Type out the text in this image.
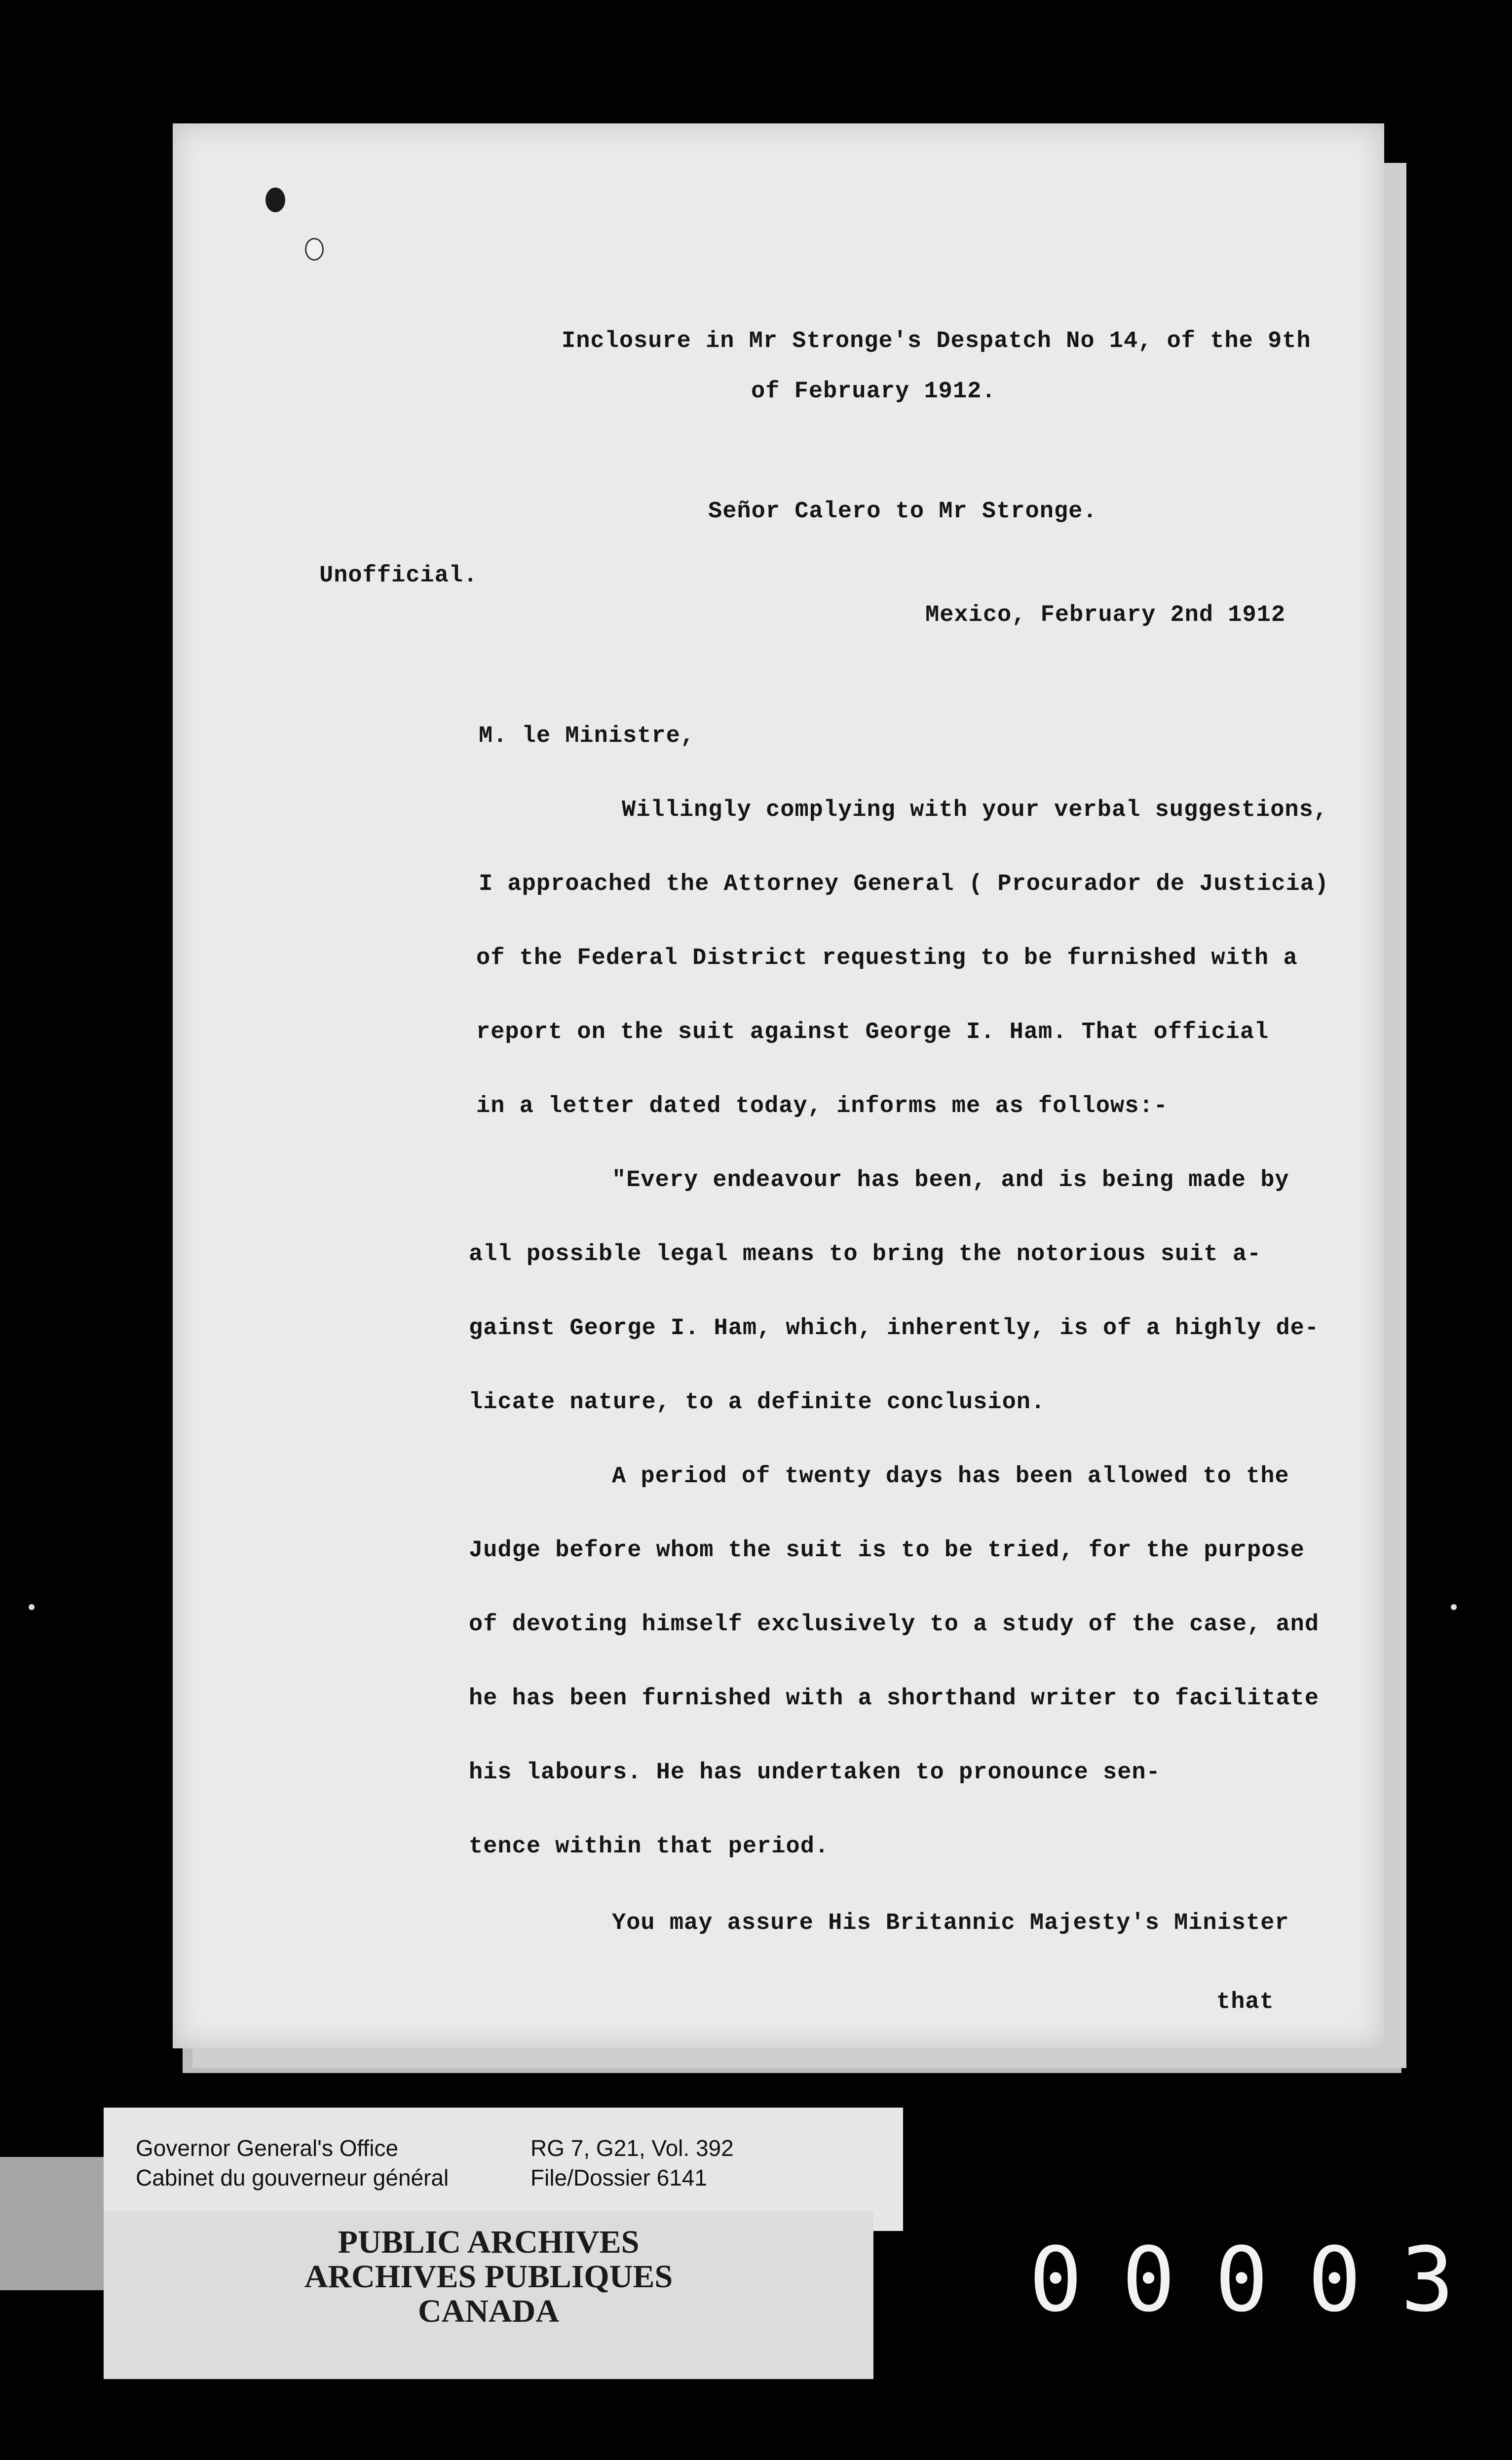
Inclosure in Mr Stronge's Despatch No 14, of the 9th
of February 1912.
Señor Calero to Mr Stronge.
Unofficial.
Mexico, February 2nd 1912
M. le Ministre,
Willingly complying with your verbal suggestions,
I approached the Attorney General ( Procurador de Justicia)
of the Federal District requesting to be furnished with a
report on the suit against George I. Ham. That official
in a letter dated today, informs me as follows:-
"Every endeavour has been, and is being made by
all possible legal means to bring the notorious suit a-
gainst George I. Ham, which, inherently, is of a highly de-
licate nature, to a definite conclusion.
A period of twenty days has been allowed to the
Judge before whom the suit is to be tried, for the purpose
of devoting himself exclusively to a study of the case, and
he has been furnished with a shorthand writer to facilitate
his labours. He has undertaken to pronounce sen-
tence within that period.
You may assure His Britannic Majesty's Minister
that
Governor General's Office
Cabinet du gouverneur général
RG 7, G21, Vol. 392
File/Dossier 6141
PUBLIC ARCHIVES
ARCHIVES PUBLIQUES
CANADA	00003
